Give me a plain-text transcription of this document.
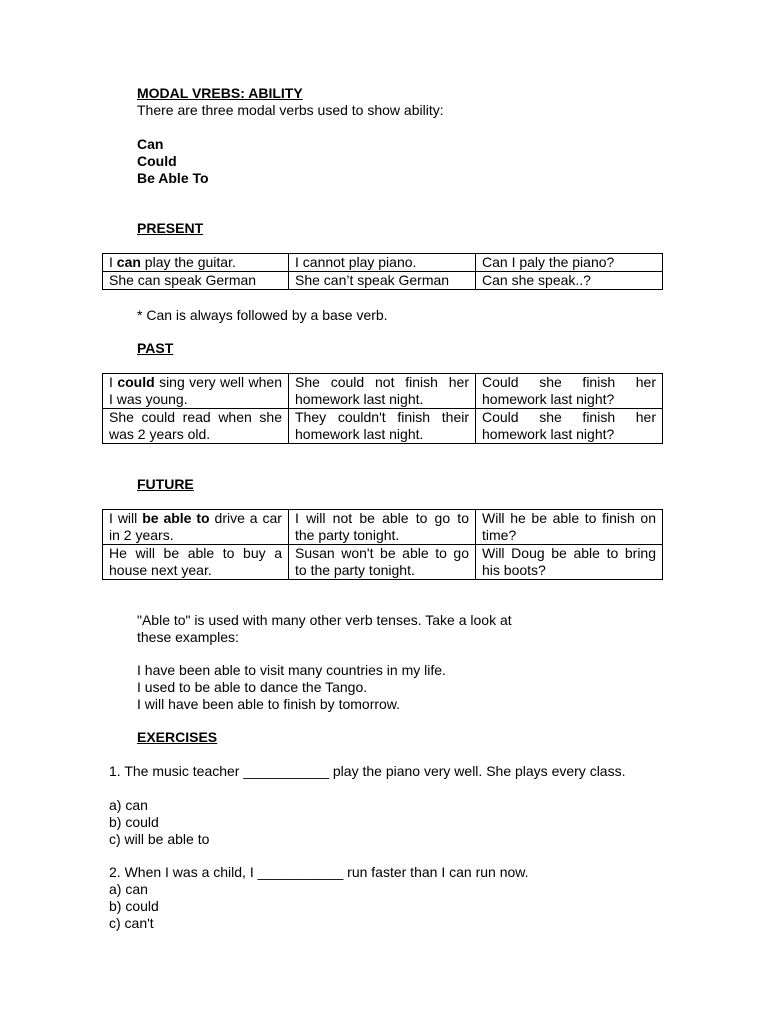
MODAL VREBS: ABILITY
There are three modal verbs used to show ability:
Can
Could
Be Able To
PRESENT
I can play the guitar.	I cannot play piano.	Can I paly the piano?
She can speak German	She can’t speak German	Can she speak..?
* Can is always followed by a base verb.
PAST
I could sing very well when I was young.	She could not finish her homework last night.	Could she finish her homework last night?
She could read when she was 2 years old.	They couldn't finish their homework last night.	Could she finish her homework last night?
FUTURE
I will be able to drive a car in 2 years.	I will not be able to go to the party tonight.	Will he be able to finish on time?
He will be able to buy a house next year.	Susan won't be able to go to the party tonight.	Will Doug be able to bring his boots?
"Able to" is used with many other verb tenses. Take a look at
these examples:
I have been able to visit many countries in my life.
I used to be able to dance the Tango.
I will have been able to finish by tomorrow.
EXERCISES
1. The music teacher ___________ play the piano very well. She plays every class.
a) can
b) could
c) will be able to
2. When I was a child, I ___________ run faster than I can run now.
a) can
b) could
c) can't
